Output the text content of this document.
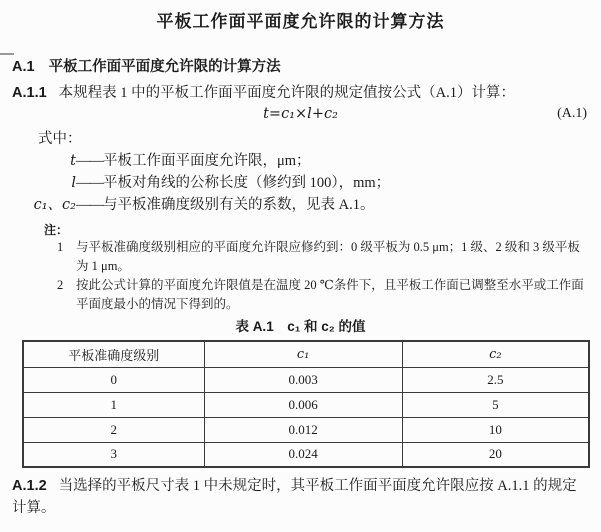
平板工作面平面度允许限的计算方法
A.1 平板工作面平面度允许限的计算方法

A.1.1 本规程表 1 中的平板工作面平面度允许限的规定值按公式（A.1）计算：

t=c₁×l+c₂	(A.1)

式中：

t —— 平板工作面平面度允许限，μm；
l —— 平板对角线的公称长度（修约到 100），mm；
c₁、c₂ —— 与平板准确度级别有关的系数，见表 A.1。
注：
1	与平板准确度级别相应的平面度允许限应修约到：0 级平板为 0.5 μm；1 级、2 级和 3 级平板为 1 μm。
2	按此公式计算的平面度允许限值是在温度 20 ℃条件下，且平板工作面已调整至水平或工作面平面度最小的情况下得到的。
表 A.1　c₁ 和 c₂ 的值
平板准确度级别	c₁	c₂
0	0.003	2.5
1	0.006	5
2	0.012	10
3	0.024	20

A.1.2 当选择的平板尺寸表 1 中未规定时，其平板工作面平面度允许限应按 A.1.1 的规定计算。
